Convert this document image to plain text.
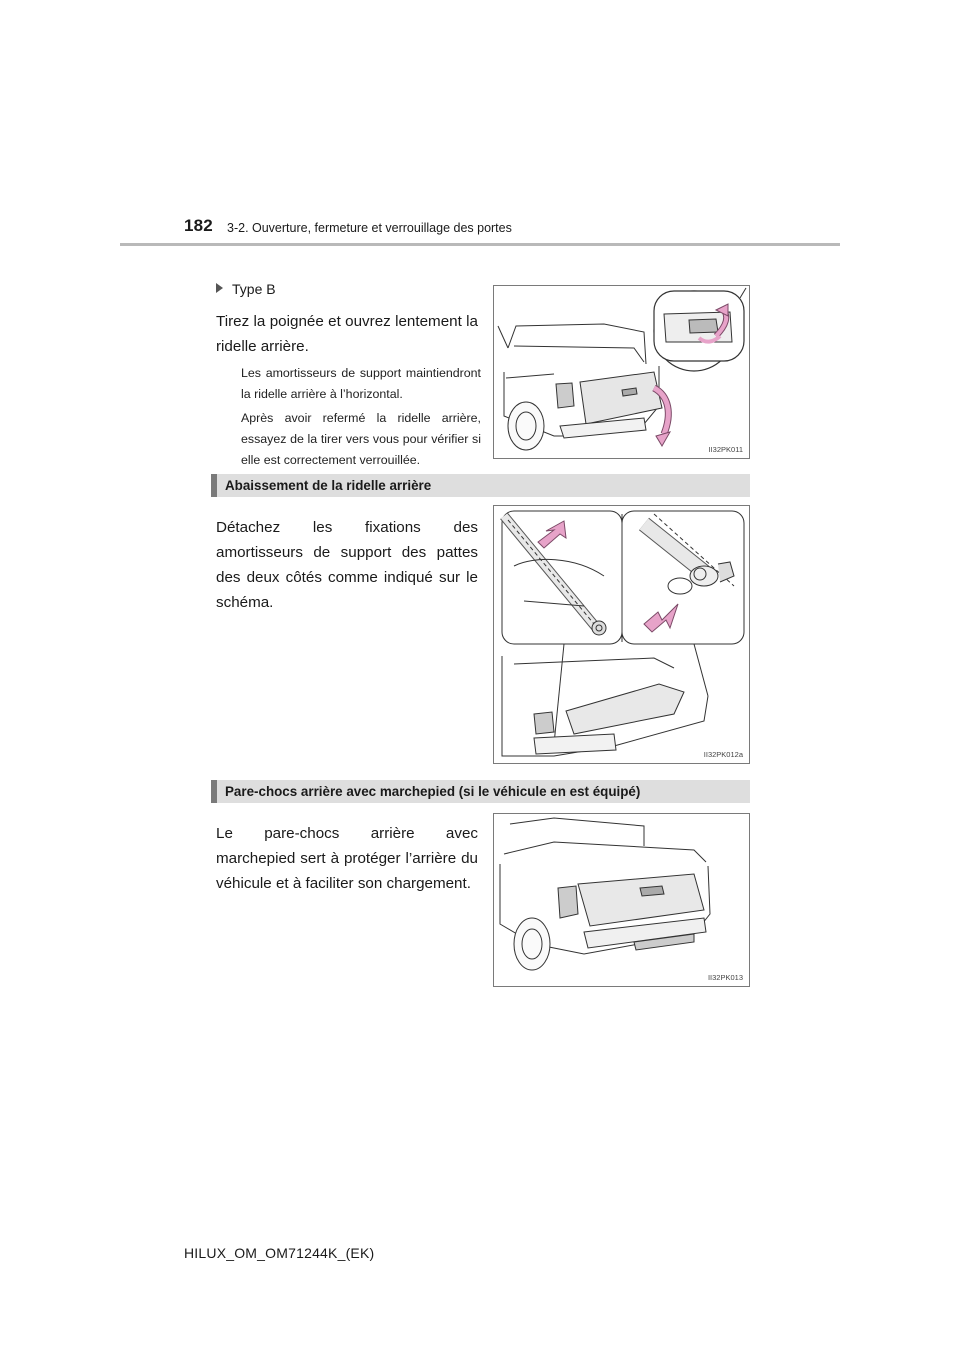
182 3-2. Ouverture, fermeture et verrouillage des portes
Type B
Tirez la poignée et ouvrez lentement la ridelle arrière.
Les amortisseurs de support maintiendront la ridelle arrière à l’horizontal.
Après avoir refermé la ridelle arrière, essayez de la tirer vers vous pour vérifier si elle est correctement verrouillée.
II32PK011
Abaissement de la ridelle arrière
Détachez les fixations des amortisseurs de support des pattes des deux côtés comme indiqué sur le schéma.
II32PK012a
Pare-chocs arrière avec marchepied (si le véhicule en est équipé)
Le pare-chocs arrière avec marchepied sert à protéger l’arrière du véhicule et à faciliter son chargement.
II32PK013
HILUX_OM_OM71244K_(EK)
